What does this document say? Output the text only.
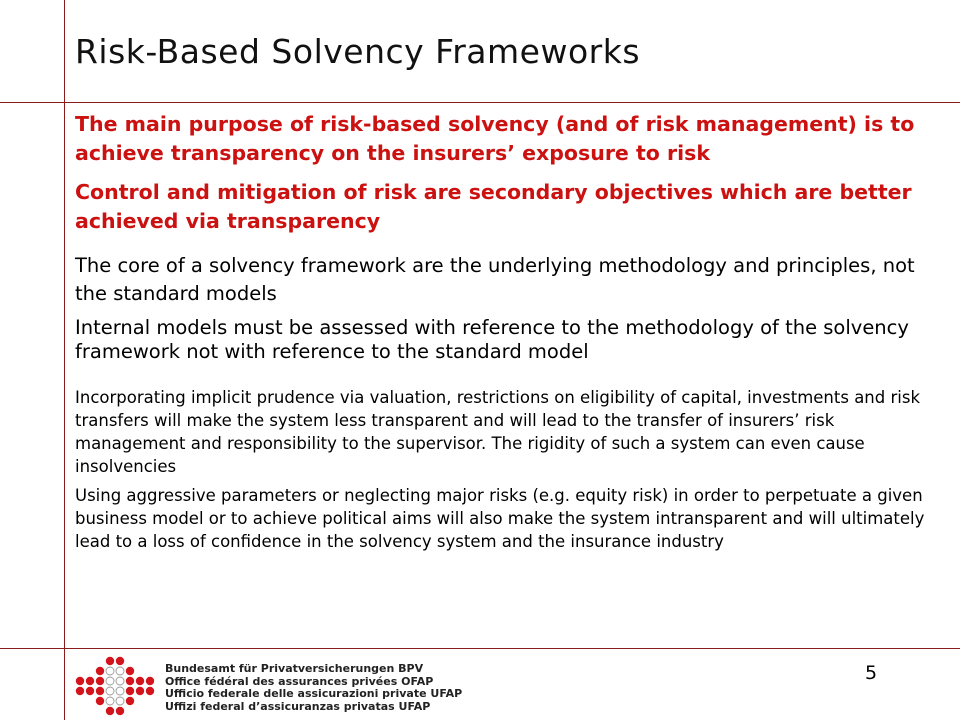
Risk-Based Solvency Frameworks

The main purpose of risk-based solvency (and of risk management) is to achieve transparency on the insurers’ exposure to risk

Control and mitigation of risk are secondary objectives which are better achieved via transparency

The core of a solvency framework are the underlying methodology and principles, not the standard models

Internal models must be assessed with reference to the methodology of the solvency framework not with reference to the standard model

Incorporating implicit prudence via valuation, restrictions on eligibility of capital, investments and risk transfers will make the system less transparent and will lead to the transfer of insurers’ risk management and responsibility to the supervisor. The rigidity of such a system can even cause insolvencies

Using aggressive parameters or neglecting major risks (e.g. equity risk) in order to perpetuate a given business model or to achieve political aims will also make the system intransparent and will ultimately lead to a loss of confidence in the solvency system and the insurance industry

Bundesamt für Privatversicherungen BPV
Office fédéral des assurances privées OFAP
Ufficio federale delle assicurazioni private UFAP
Uffizi federal d’assicuranzas privatas UFAP
5
